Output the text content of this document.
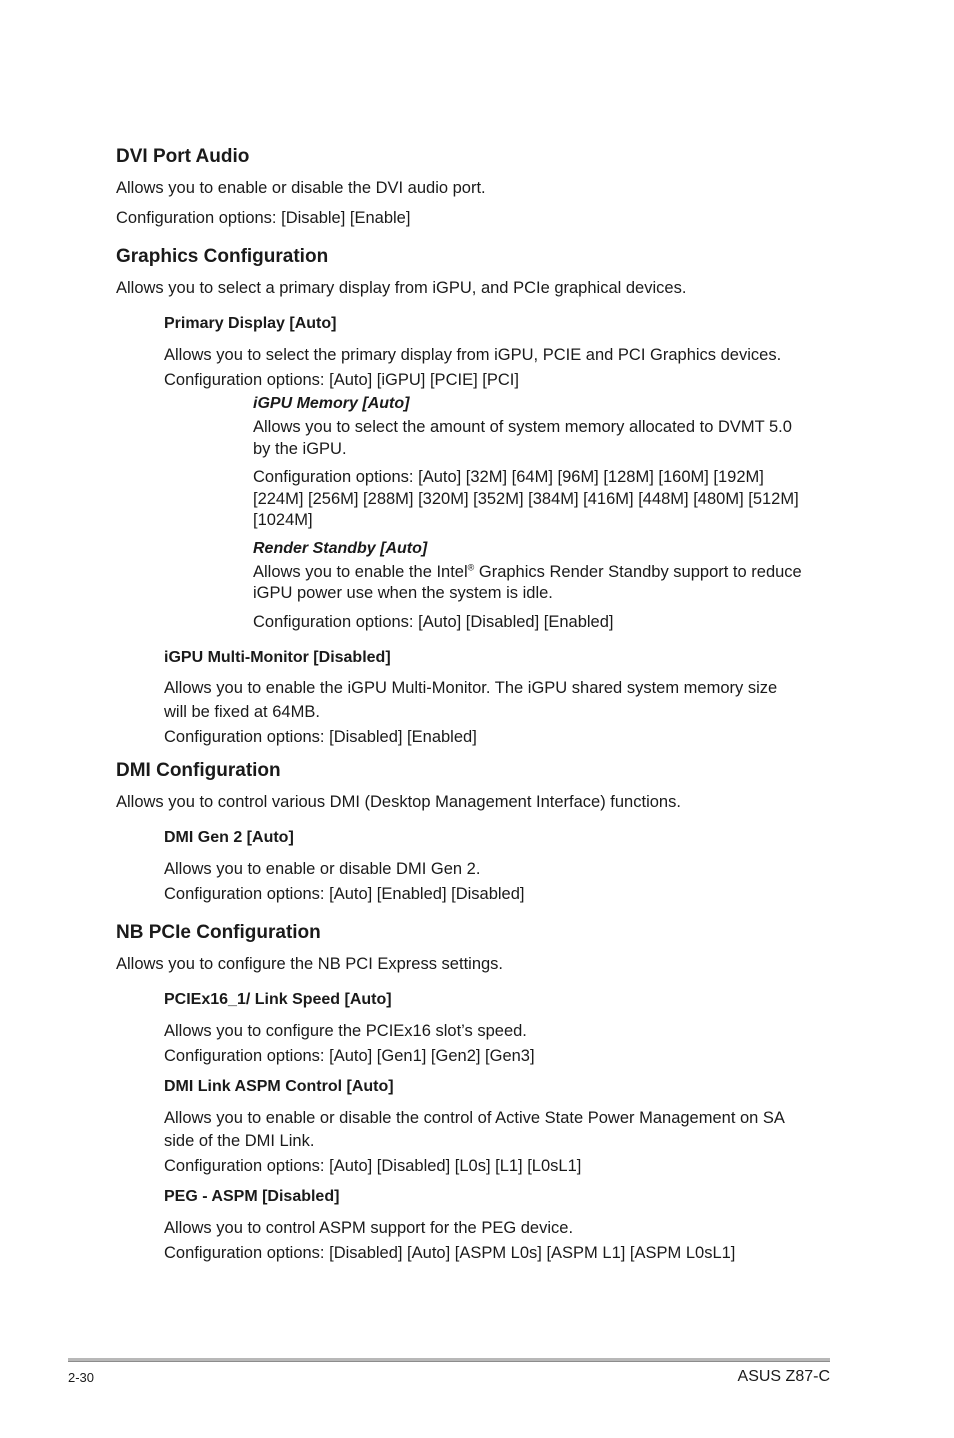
DVI Port Audio
Allows you to enable or disable the DVI audio port.
Configuration options: [Disable] [Enable]
Graphics Configuration
Allows you to select a primary display from iGPU, and PCIe graphical devices.
Primary Display [Auto]
Allows you to select the primary display from iGPU, PCIE and PCI Graphics devices.
Configuration options: [Auto] [iGPU] [PCIE] [PCI]
iGPU Memory [Auto]
Allows you to select the amount of system memory allocated to DVMT 5.0
by the iGPU.
Configuration options: [Auto] [32M] [64M] [96M] [128M] [160M] [192M]
[224M] [256M] [288M] [320M] [352M] [384M] [416M] [448M] [480M] [512M]
[1024M]
Render Standby [Auto]
Allows you to enable the Intel® Graphics Render Standby support to reduce
iGPU power use when the system is idle.
Configuration options: [Auto] [Disabled] [Enabled]
iGPU Multi-Monitor [Disabled]
Allows you to enable the iGPU Multi-Monitor. The iGPU shared system memory size
will be fixed at 64MB.
Configuration options: [Disabled] [Enabled]
DMI Configuration
Allows you to control various DMI (Desktop Management Interface) functions.
DMI Gen 2 [Auto]
Allows you to enable or disable DMI Gen 2.
Configuration options: [Auto] [Enabled] [Disabled]
NB PCIe Configuration
Allows you to configure the NB PCI Express settings.
PCIEx16_1/ Link Speed [Auto]
Allows you to configure the PCIEx16 slot’s speed.
Configuration options: [Auto] [Gen1] [Gen2] [Gen3]
DMI Link ASPM Control [Auto]
Allows you to enable or disable the control of Active State Power Management on SA
side of the DMI Link.
Configuration options: [Auto] [Disabled] [L0s] [L1] [L0sL1]
PEG - ASPM [Disabled]
Allows you to control ASPM support for the PEG device.
Configuration options: [Disabled] [Auto] [ASPM L0s] [ASPM L1] [ASPM L0sL1]
2-30	ASUS Z87-C
